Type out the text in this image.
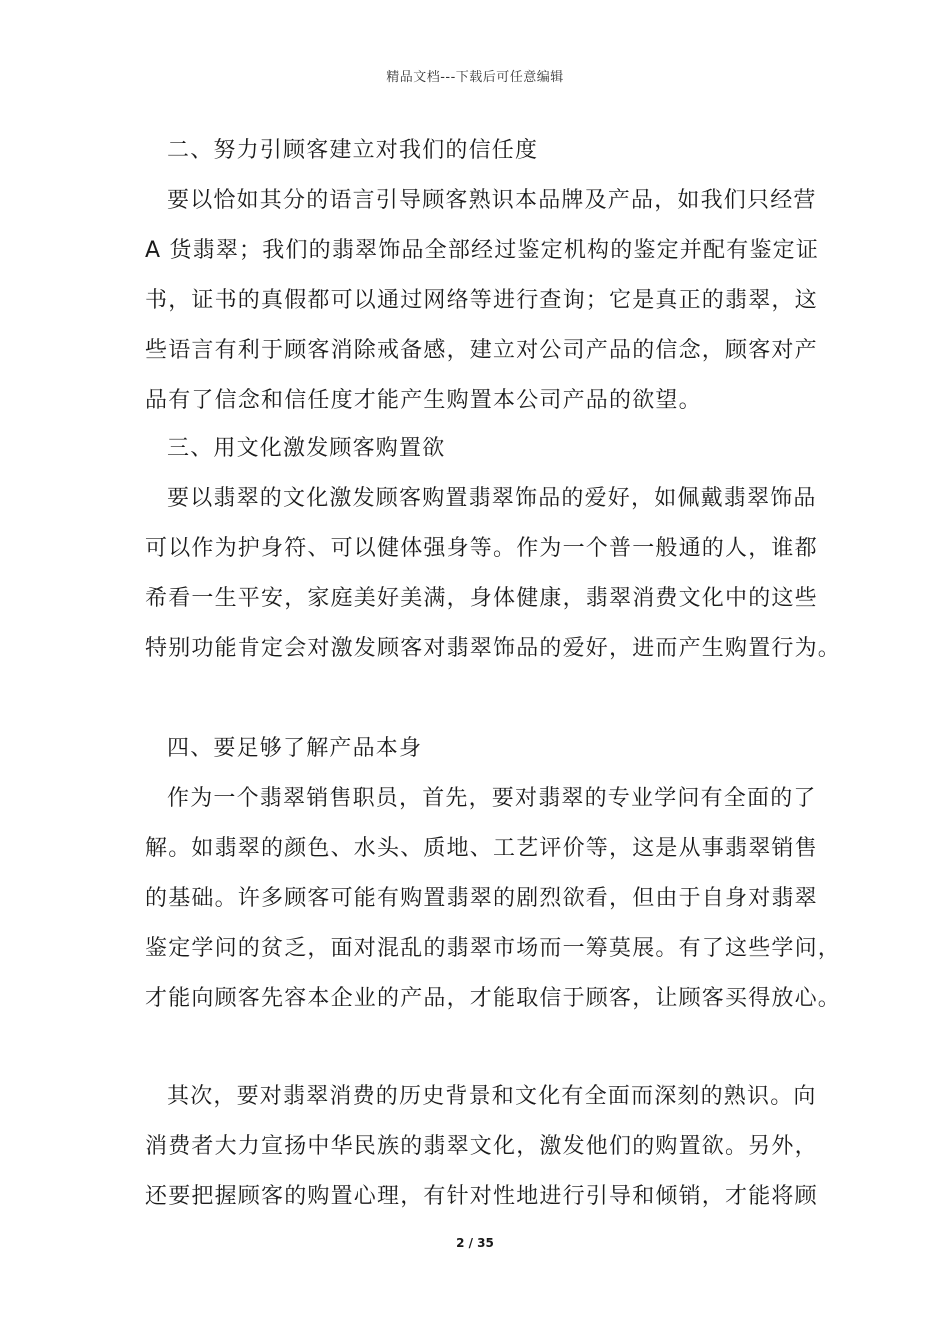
精品文档---下载后可任意编辑
二、努力引顾客建立对我们的信任度
要以恰如其分的语言引导顾客熟识本品牌及产品，如我们只经营
A 货翡翠；我们的翡翠饰品全部经过鉴定机构的鉴定并配有鉴定证
书，证书的真假都可以通过网络等进行查询；它是真正的翡翠，这
些语言有利于顾客消除戒备感，建立对公司产品的信念，顾客对产
品有了信念和信任度才能产生购置本公司产品的欲望。
三、用文化激发顾客购置欲
要以翡翠的文化激发顾客购置翡翠饰品的爱好，如佩戴翡翠饰品
可以作为护身符、可以健体强身等。作为一个普一般通的人，谁都
希看一生平安，家庭美好美满，身体健康，翡翠消费文化中的这些
特别功能肯定会对激发顾客对翡翠饰品的爱好，进而产生购置行为。
四、要足够了解产品本身
作为一个翡翠销售职员，首先，要对翡翠的专业学问有全面的了
解。如翡翠的颜色、水头、质地、工艺评价等，这是从事翡翠销售
的基础。许多顾客可能有购置翡翠的剧烈欲看，但由于自身对翡翠
鉴定学问的贫乏，面对混乱的翡翠市场而一筹莫展。有了这些学问，
才能向顾客先容本企业的产品，才能取信于顾客，让顾客买得放心。
其次，要对翡翠消费的历史背景和文化有全面而深刻的熟识。向
消费者大力宣扬中华民族的翡翠文化，激发他们的购置欲。另外，
还要把握顾客的购置心理，有针对性地进行引导和倾销，才能将顾
2 / 35
